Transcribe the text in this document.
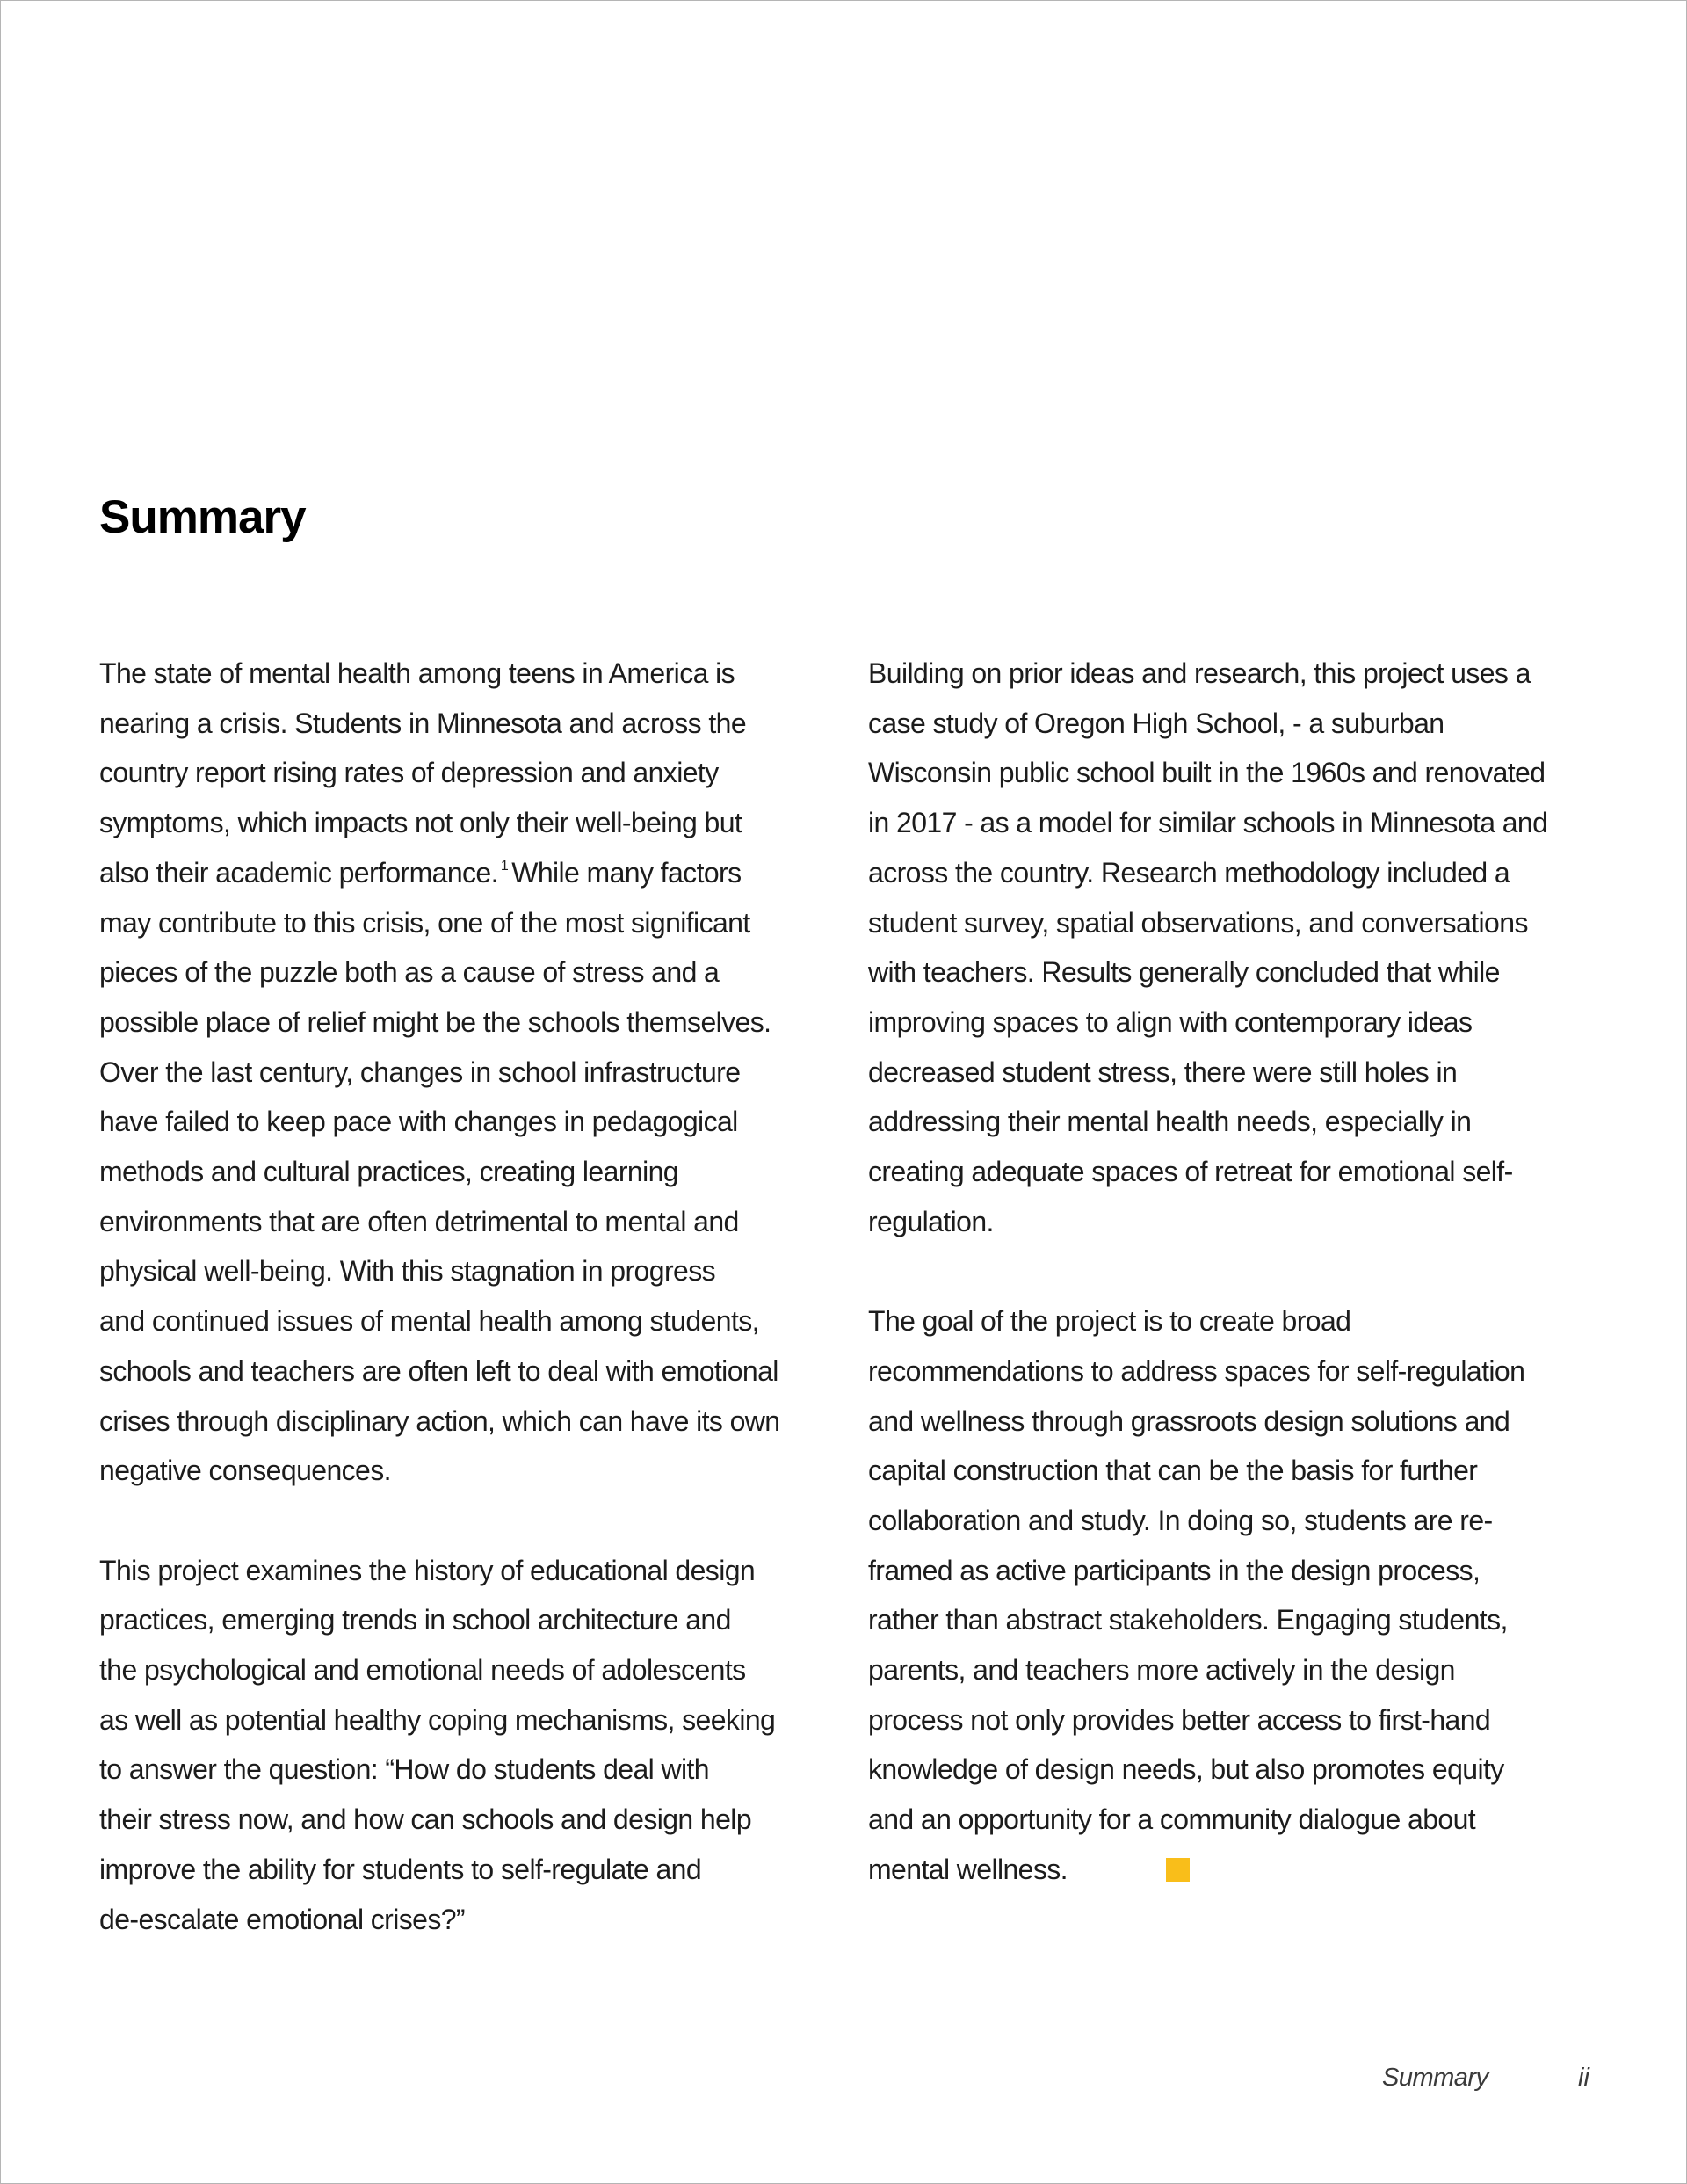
Summary
The state of mental health among teens in America is
nearing a crisis. Students in Minnesota and across the
country report rising rates of depression and anxiety
symptoms, which impacts not only their well-being but
also their academic performance. $^1$ While many factors
may contribute to this crisis, one of the most significant
pieces of the puzzle both as a cause of stress and a
possible place of relief might be the schools themselves.
Over the last century, changes in school infrastructure
have failed to keep pace with changes in pedagogical
methods and cultural practices, creating learning
environments that are often detrimental to mental and
physical well-being. With this stagnation in progress
and continued issues of mental health among students,
schools and teachers are often left to deal with emotional
crises through disciplinary action, which can have its own
negative consequences.
This project examines the history of educational design
practices, emerging trends in school architecture and
the psychological and emotional needs of adolescents
as well as potential healthy coping mechanisms, seeking
to answer the question: “How do students deal with
their stress now, and how can schools and design help
improve the ability for students to self-regulate and
de-escalate emotional crises?”
Building on prior ideas and research, this project uses a
case study of Oregon High School, - a suburban
Wisconsin public school built in the 1960s and renovated
in 2017 - as a model for similar schools in Minnesota and
across the country. Research methodology included a
student survey, spatial observations, and conversations
with teachers. Results generally concluded that while
improving spaces to align with contemporary ideas
decreased student stress, there were still holes in
addressing their mental health needs, especially in
creating adequate spaces of retreat for emotional self-
regulation.
The goal of the project is to create broad
recommendations to address spaces for self-regulation
and wellness through grassroots design solutions and
capital construction that can be the basis for further
collaboration and study. In doing so, students are re-
framed as active participants in the design process,
rather than abstract stakeholders. Engaging students,
parents, and teachers more actively in the design
process not only provides better access to first-hand
knowledge of design needs, but also promotes equity
and an opportunity for a community dialogue about
mental wellness.
Summary	ii
